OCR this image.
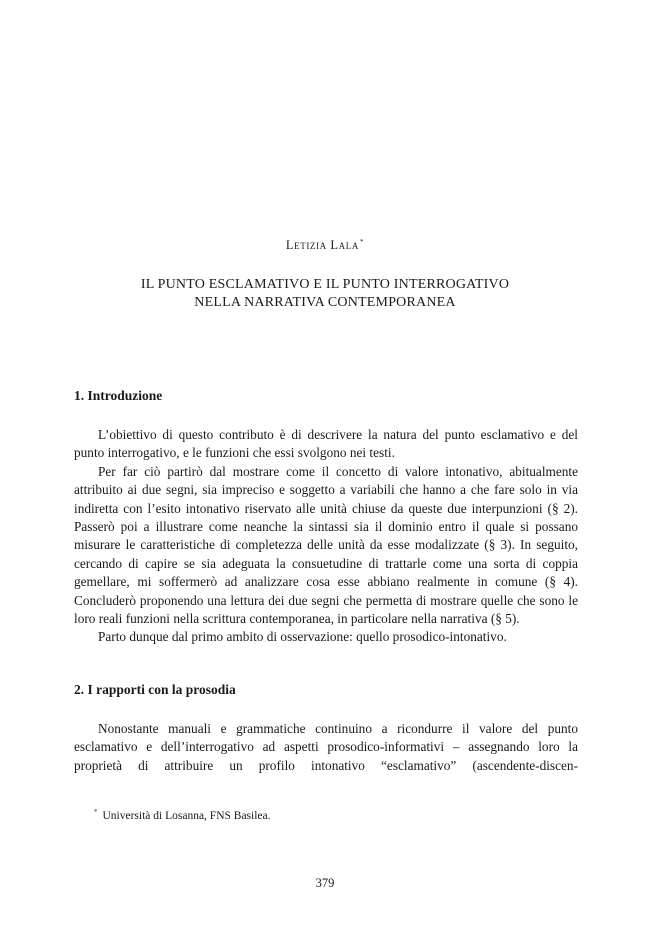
Letizia Lala*
IL PUNTO ESCLAMATIVO E IL PUNTO INTERROGATIVO
NELLA NARRATIVA CONTEMPORANEA
1. Introduzione

L’obiettivo di questo contributo è di descrivere la natura del punto esclamativo e del punto interrogativo, e le funzioni che essi svolgono nei testi.

Per far ciò partirò dal mostrare come il concetto di valore intonativo, abitualmente attribuito ai due segni, sia impreciso e soggetto a variabili che hanno a che fare solo in via indiretta con l’esito intonativo riservato alle unità chiuse da queste due interpunzioni (§ 2). Passerò poi a illustrare come neanche la sintassi sia il dominio entro il quale si possano misurare le caratteristiche di completezza delle unità da esse modalizzate (§ 3). In seguito, cercando di capire se sia adeguata la consuetudine di trattarle come una sorta di coppia gemellare, mi soffermerò ad analizzare cosa esse abbiano realmente in comune (§ 4). Concluderò proponendo una lettura dei due segni che permetta di mostrare quelle che sono le loro reali funzioni nella scrittura contemporanea, in particolare nella narrativa (§ 5).

Parto dunque dal primo ambito di osservazione: quello prosodico-intonativo.

2. I rapporti con la prosodia

Nonostante manuali e grammatiche continuino a ricondurre il valore del punto esclamativo e dell’interrogativo ad aspetti prosodico-informativi – assegnando loro la proprietà di attribuire un profilo intonativo “esclamativo” (ascendente-discen-

* Università di Losanna, FNS Basilea.
379
